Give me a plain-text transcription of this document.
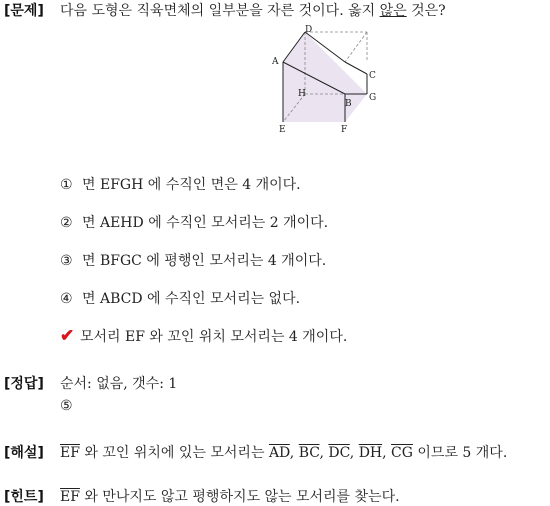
[문제] 다음 도형은 직육면체의 일부분을 자른 것이다. 옳지 않은 것은?
D
A
C
H
B
G
E	F
① 면 EFGH 에 수직인 면은 4 개이다.
② 면 AEHD 에 수직인 모서리는 2 개이다.
③ 면 BFGC 에 평행인 모서리는 4 개이다.
④ 면 ABCD 에 수직인 모서리는 없다.
✔ 모서리 EF 와 꼬인 위치 모서리는 4 개이다.
[정답] 순서: 없음, 갯수: 1
⑤
[해설] $\overline{EF}$ 와 꼬인 위치에 있는 모서리는 $\overline{AD}$, $\overline{BC}$, $\overline{DC}$, $\overline{DH}$, $\overline{CG}$ 이므로 5 개다.
[힌트] $\overline{EF}$ 와 만나지도 않고 평행하지도 않는 모서리를 찾는다.
